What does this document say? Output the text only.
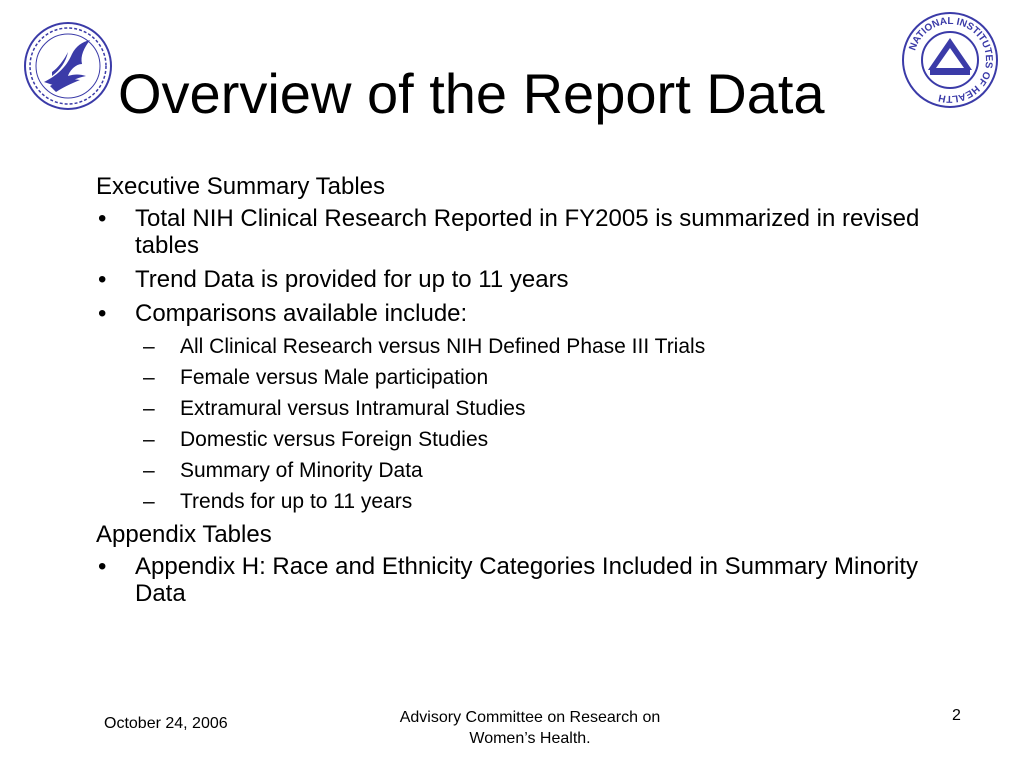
NATIONAL INSTITUTES OF HEALTH
Overview of the Report Data
Executive Summary Tables
• Total NIH Clinical Research Reported in FY2005 is summarized in revised tables
• Trend Data is provided for up to 11 years
• Comparisons available include:
– All Clinical Research versus NIH Defined Phase III Trials
– Female versus Male participation
– Extramural versus Intramural Studies
– Domestic versus Foreign Studies
– Summary of Minority Data
– Trends for up to 11 years
Appendix Tables
• Appendix H: Race and Ethnicity Categories Included in Summary Minority Data
October 24, 2006	Advisory Committee on Research on
Women’s Health.
2
